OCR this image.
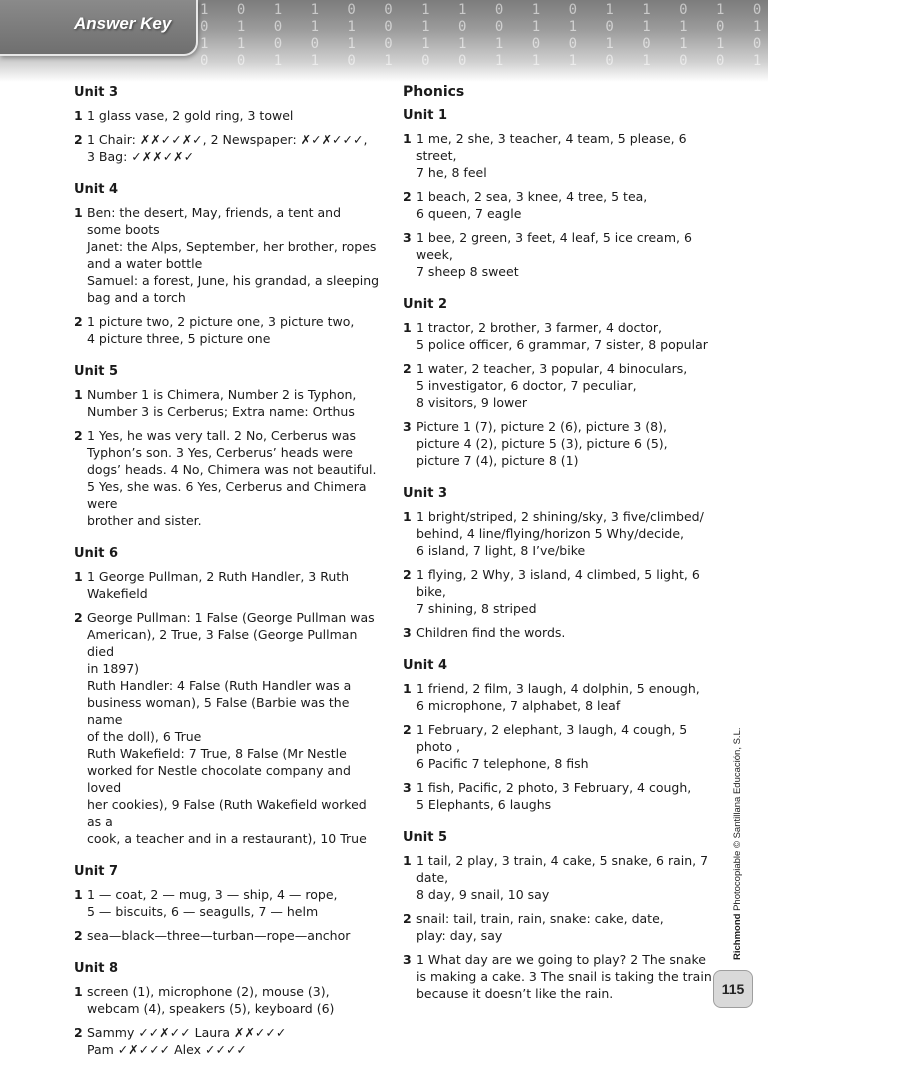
1 0 1 1 0 0 1 1 0 1 0 1 1 0 1 0 0 1 1 0
0 1 0 1 1 0 1 0 0 1 1 0 1 1 0 1 0 0 1 1
1 1 0 0 1 0 1 1 1 0 0 1 0 1 1 0 1 1 0 0
0 0 1 1 0 1 0 0 1 1 1 0 1 0 0 1 1 0 1 1
Answer Key
Unit 3
1 1 glass vase, 2 gold ring, 3 towel
2 1 Chair: ✗✗✓✓✗✓, 2 Newspaper: ✗✓✗✓✓✓,
3 Bag: ✓✗✗✓✗✓
Unit 4
1 Ben: the desert, May, friends, a tent and
some boots
Janet: the Alps, September, her brother, ropes
and a water bottle
Samuel: a forest, June, his grandad, a sleeping
bag and a torch
2 1 picture two, 2 picture one, 3 picture two,
4 picture three, 5 picture one
Unit 5
1 Number 1 is Chimera, Number 2 is Typhon,
Number 3 is Cerberus; Extra name: Orthus
2 1 Yes, he was very tall. 2 No, Cerberus was
Typhon’s son. 3 Yes, Cerberus’ heads were
dogs’ heads. 4 No, Chimera was not beautiful.
5 Yes, she was. 6 Yes, Cerberus and Chimera were
brother and sister.
Unit 6
1 1 George Pullman, 2 Ruth Handler, 3 Ruth Wakefield
2 George Pullman: 1 False (George Pullman was
American), 2 True, 3 False (George Pullman died
in 1897)
Ruth Handler: 4 False (Ruth Handler was a
business woman), 5 False (Barbie was the name
of the doll), 6 True
Ruth Wakefield: 7 True, 8 False (Mr Nestle
worked for Nestle chocolate company and loved
her cookies), 9 False (Ruth Wakefield worked as a
cook, a teacher and in a restaurant), 10 True
Unit 7
1 1 — coat, 2 — mug, 3 — ship, 4 — rope,
5 — biscuits, 6 — seagulls, 7 — helm
2 sea—black—three—turban—rope—anchor
Unit 8
1 screen (1), microphone (2), mouse (3),
webcam (4), speakers (5), keyboard (6)
2 Sammy ✓✓✗✓✓ Laura ✗✗✓✓✓
Pam ✓✗✓✓✓ Alex ✓✓✓✓
Phonics
Unit 1
1 1 me, 2 she, 3 teacher, 4 team, 5 please, 6 street,
7 he, 8 feel
2 1 beach, 2 sea, 3 knee, 4 tree, 5 tea,
6 queen, 7 eagle
3 1 bee, 2 green, 3 feet, 4 leaf, 5 ice cream, 6 week,
7 sheep 8 sweet
Unit 2
1 1 tractor, 2 brother, 3 farmer, 4 doctor,
5 police officer, 6 grammar, 7 sister, 8 popular
2 1 water, 2 teacher, 3 popular, 4 binoculars,
5 investigator, 6 doctor, 7 peculiar,
8 visitors, 9 lower
3 Picture 1 (7), picture 2 (6), picture 3 (8),
picture 4 (2), picture 5 (3), picture 6 (5),
picture 7 (4), picture 8 (1)
Unit 3
1 1 bright/striped, 2 shining/sky, 3 five/climbed/
behind, 4 line/flying/horizon 5 Why/decide,
6 island, 7 light, 8 I’ve/bike
2 1 flying, 2 Why, 3 island, 4 climbed, 5 light, 6 bike,
7 shining, 8 striped
3 Children find the words.
Unit 4
1 1 friend, 2 film, 3 laugh, 4 dolphin, 5 enough,
6 microphone, 7 alphabet, 8 leaf
2 1 February, 2 elephant, 3 laugh, 4 cough, 5 photo ,
6 Pacific 7 telephone, 8 fish
3 1 fish, Pacific, 2 photo, 3 February, 4 cough,
5 Elephants, 6 laughs
Unit 5
1 1 tail, 2 play, 3 train, 4 cake, 5 snake, 6 rain, 7 date,
8 day, 9 snail, 10 say
2 snail: tail, train, rain, snake: cake, date,
play: day, say
3 1 What day are we going to play? 2 The snake
is making a cake. 3 The snail is taking the train
because it doesn’t like the rain.
Richmond Photocopiable © Santillana Educación, S.L.
115
